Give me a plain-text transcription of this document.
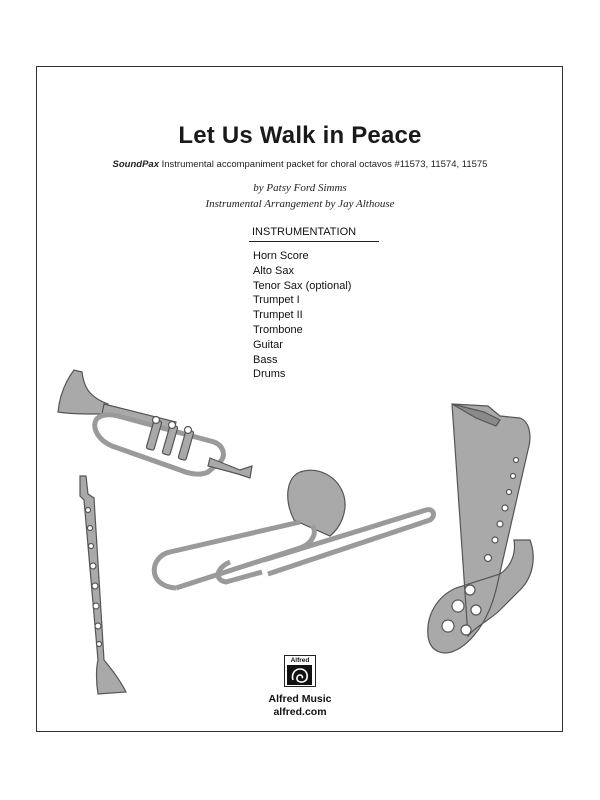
Let Us Walk in Peace
SoundPax Instrumental accompaniment packet for choral octavos #11573, 11574, 11575
by Patsy Ford Simms
Instrumental Arrangement by Jay Althouse
INSTRUMENTATION
Horn Score
Alto Sax
Tenor Sax (optional)
Trumpet I
Trumpet II
Trombone
Guitar
Bass
Drums
Alfred
Alfred Music
alfred.com
